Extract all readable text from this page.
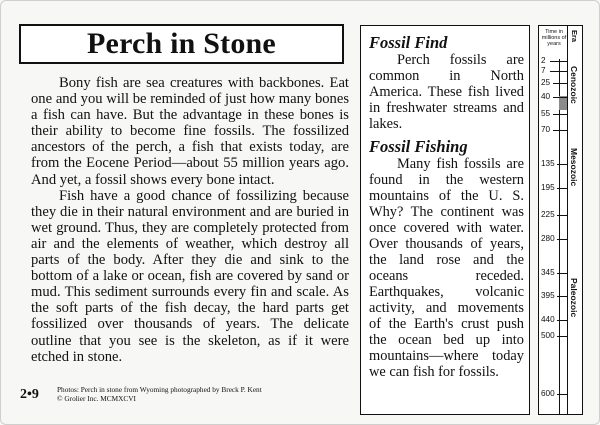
Perch in Stone

Bony fish are sea creatures with backbones. Eat one and you will be reminded of just how many bones a fish can have. But the advantage in these bones is their ability to become fine fossils. The fossilized ancestors of the perch, a fish that exists today, are from the Eocene Period—about 55 million years ago. And yet, a fossil shows every bone intact.

Fish have a good chance of fossilizing because they die in their natural environment and are buried in wet ground. Thus, they are completely protected from air and the elements of weather, which destroy all parts of the body. After they die and sink to the bottom of a lake or ocean, fish are covered by sand or mud. This sediment surrounds every fin and scale. As the soft parts of the fish decay, the hard parts get fossilized over thousands of years. The delicate outline that you see is the skeleton, as if it were etched in stone.

2•9 Photos: Perch in stone from Wyoming photographed by Breck P. Kent
© Grolier Inc. MCMXCVI
Fossil Find

Perch fossils are common in North America. These fish lived in freshwater streams and lakes.

Fossil Fishing

Many fish fossils are found in the western mountains of the U. S. Why? The continent was once covered with water. Over thousands of years, the land rose and the oceans receded. Earthquakes, volcanic activity, and movements of the Earth's crust push the ocean bed up into mountains—where today we can fish for fossils.

Time in millions of years
Era
2
7
25
40
55
70
135
195
225
280
345
395
440
500
600
Cenozoic
Mesozoic
Paleozoic
